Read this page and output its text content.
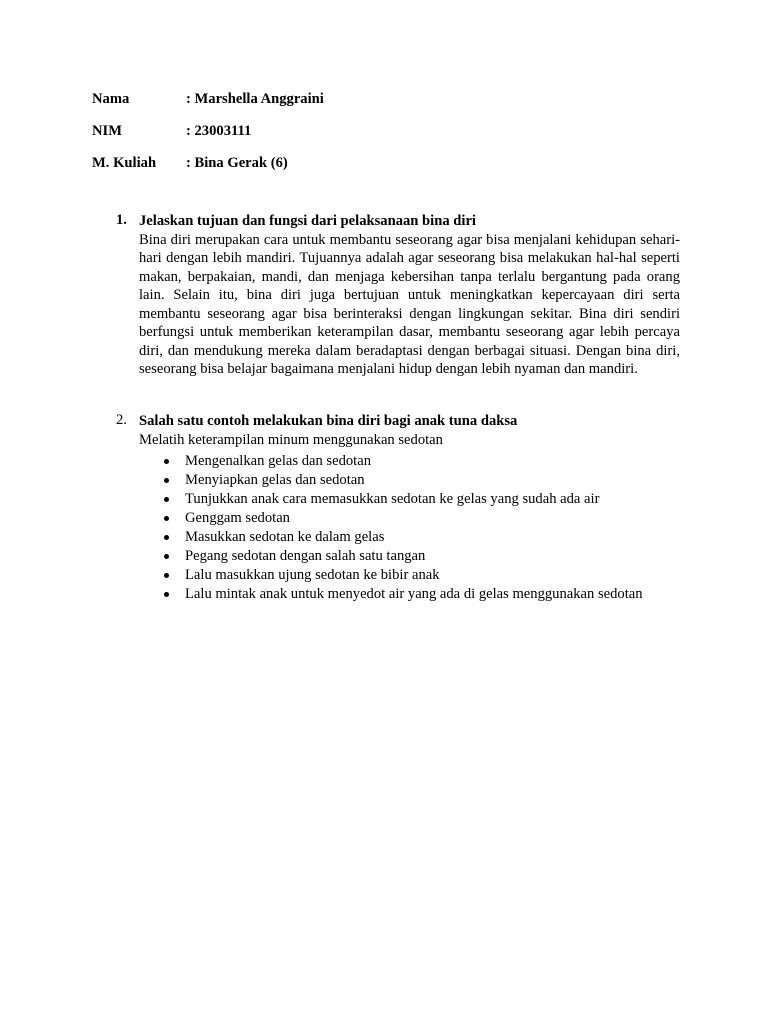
Nama	: Marshella Anggraini
NIM	: 23003111
M. Kuliah : Bina Gerak (6)
1. Jelaskan tujuan dan fungsi dari pelaksanaan bina diri
Bina diri merupakan cara untuk membantu seseorang agar bisa menjalani kehidupan sehari-hari dengan lebih mandiri. Tujuannya adalah agar seseorang bisa melakukan hal-hal seperti makan, berpakaian, mandi, dan menjaga kebersihan tanpa terlalu bergantung pada orang lain. Selain itu, bina diri juga bertujuan untuk meningkatkan kepercayaan diri serta membantu seseorang agar bisa berinteraksi dengan lingkungan sekitar. Bina diri sendiri berfungsi untuk memberikan keterampilan dasar, membantu seseorang agar lebih percaya diri, dan mendukung mereka dalam beradaptasi dengan berbagai situasi. Dengan bina diri, seseorang bisa belajar bagaimana menjalani hidup dengan lebih nyaman dan mandiri.
2. Salah satu contoh melakukan bina diri bagi anak tuna daksa
Melatih keterampilan minum menggunakan sedotan
Mengenalkan gelas dan sedotan
Menyiapkan gelas dan sedotan
Tunjukkan anak cara memasukkan sedotan ke gelas yang sudah ada air
Genggam sedotan
Masukkan sedotan ke dalam gelas
Pegang sedotan dengan salah satu tangan
Lalu masukkan ujung sedotan ke bibir anak
Lalu mintak anak untuk menyedot air yang ada di gelas menggunakan sedotan
